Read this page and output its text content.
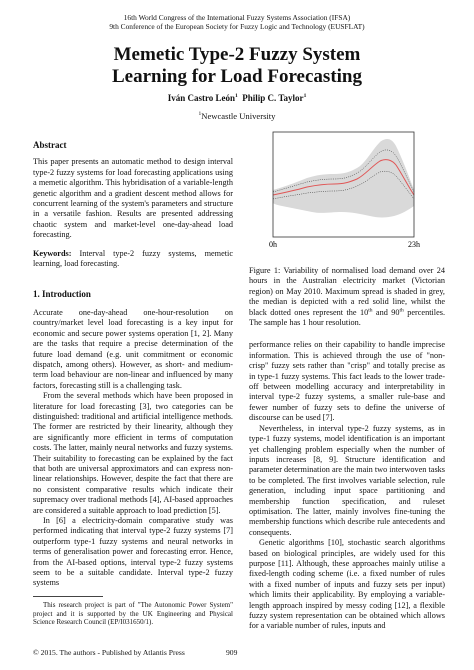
16th World Congress of the International Fuzzy Systems Association (IFSA)
9th Conference of the European Society for Fuzzy Logic and Technology (EUSFLAT)
Memetic Type-2 Fuzzy System
Learning for Load Forecasting
Iván Castro León$^1$ Philip C. Taylor$^1$
$^1$Newcastle University
Abstract

This paper presents an automatic method to design interval type-2 fuzzy systems for load forecasting applications using a memetic algorithm. This hybridisation of a variable-length genetic algorithm and a gradient descent method allows for concurrent learning of the system's parameters and structure in a versatile fashion. Results are presented addressing chaotic system and market-level one-day-ahead load forecasting.

Keywords: Interval type-2 fuzzy systems, memetic learning, load forecasting.

1. Introduction

Accurate one-day-ahead one-hour-resolution on country/market level load forecasting is a key input for economic and secure power systems operation [1, 2]. Many are the tasks that require a precise determination of the future load demand (e.g. unit commitment or economic dispatch, among others). However, as short- and medium-term load behaviour are non-linear and influenced by many factors, forecasting still is a challenging task.

From the several methods which have been proposed in literature for load forecasting [3], two categories can be distinguished: traditional and artificial intelligence methods. The former are restricted by their linearity, although they are significantly more efficient in terms of computation costs. The latter, mainly neural networks and fuzzy systems. Their suitability to forecasting can be explained by the fact that both are universal approximators and can express non-linear relationships. However, despite the fact that there are no consistent comparative results which indicate their supremacy over tradional methods [4], AI-based approaches are considered a suitable approach to load prediction [5].

In [6] a electricity-domain comparative study was performed indicating that interval type-2 fuzzy systems [7] outperform type-1 fuzzy systems and neural networks in terms of generalisation power and forecasting error. Hence, from the AI-based options, interval type-2 fuzzy systems seem to be a suitable candidate. Interval type-2 fuzzy systems

This research project is part of "The Autonomic Power System" project and it is supported by the UK Engineering and Physical Science Research Council (EP/I031650/1).
0h	23h

Figure 1: Variability of normalised load demand over 24 hours in the Australian electricity market (Victorian region) on May 2010. Maximum spread is shaded in grey, the median is depicted with a red solid line, whilst the black dotted ones represent the 10th and 90th percentiles. The sample has 1 hour resolution.

performance relies on their capability to handle imprecise information. This is achieved through the use of "non-crisp" fuzzy sets rather than "crisp" and totally precise as in type-1 fuzzy systems. This fact leads to the lower trade-off between modelling accuracy and interpretability in interval type-2 fuzzy systems, a smaller rule-base and fewer number of fuzzy sets to define the universe of discourse can be used [7].

Nevertheless, in interval type-2 fuzzy systems, as in type-1 fuzzy systems, model identification is an important yet challenging problem especially when the number of inputs increases [8, 9]. Structure identification and parameter determination are the main two interwoven tasks to be completed. The first involves variable selection, rule generation, including input space partitioning and membership function specification, and ruleset optimisation. The latter, mainly involves fine-tuning the membership functions which describe rule antecedents and consequents.

Genetic algorithms [10], stochastic search algorithms based on biological principles, are widely used for this purpose [11]. Although, these approaches mainly utilise a fixed-length coding scheme (i.e. a fixed number of rules with a fixed number of inputs and fuzzy sets per input) which limits their applicability. By employing a variable-length approach inspired by messy coding [12], a flexible fuzzy system representation can be obtained which allows for a variable number of rules, inputs and

© 2015. The authors - Published by Atlantis Press	909
